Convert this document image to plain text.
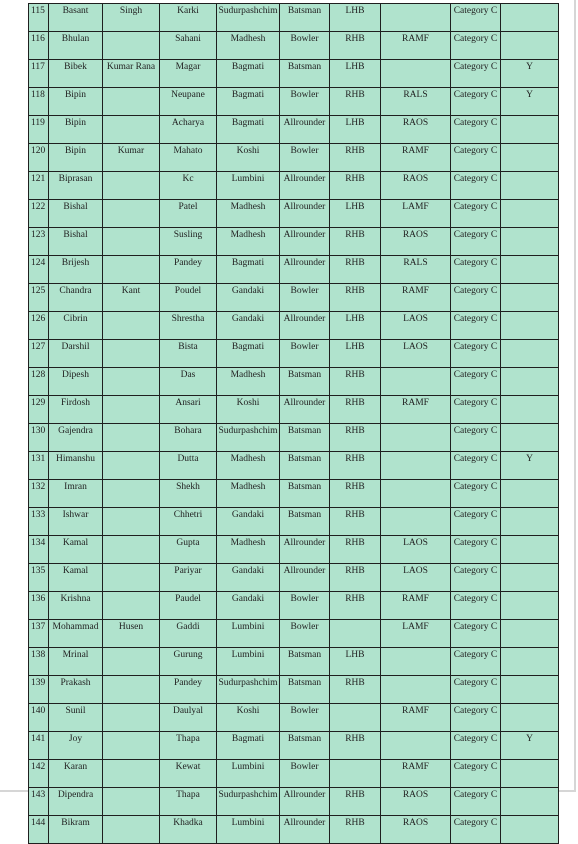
115	Basant	Singh	Karki	Sudurpashchim	Batsman	LHB		Category C	
116	Bhulan		Sahani	Madhesh	Bowler	RHB	RAMF	Category C	
117	Bibek	Kumar Rana	Magar	Bagmati	Batsman	LHB		Category C	Y
118	Bipin		Neupane	Bagmati	Bowler	RHB	RALS	Category C	Y
119	Bipin		Acharya	Bagmati	Allrounder	LHB	RAOS	Category C	
120	Bipin	Kumar	Mahato	Koshi	Bowler	RHB	RAMF	Category C	
121	Biprasan		Kc	Lumbini	Allrounder	RHB	RAOS	Category C	
122	Bishal		Patel	Madhesh	Allrounder	LHB	LAMF	Category C	
123	Bishal		Susling	Madhesh	Allrounder	RHB	RAOS	Category C	
124	Brijesh		Pandey	Bagmati	Allrounder	RHB	RALS	Category C	
125	Chandra	Kant	Poudel	Gandaki	Bowler	RHB	RAMF	Category C	
126	Cibrin		Shrestha	Gandaki	Allrounder	LHB	LAOS	Category C	
127	Darshil		Bista	Bagmati	Bowler	LHB	LAOS	Category C	
128	Dipesh		Das	Madhesh	Batsman	RHB		Category C	
129	Firdosh		Ansari	Koshi	Allrounder	RHB	RAMF	Category C	
130	Gajendra		Bohara	Sudurpashchim	Batsman	RHB		Category C	
131	Himanshu		Dutta	Madhesh	Batsman	RHB		Category C	Y
132	Imran		Shekh	Madhesh	Batsman	RHB		Category C	
133	Ishwar		Chhetri	Gandaki	Batsman	RHB		Category C	
134	Kamal		Gupta	Madhesh	Allrounder	RHB	LAOS	Category C	
135	Kamal		Pariyar	Gandaki	Allrounder	RHB	LAOS	Category C	
136	Krishna		Paudel	Gandaki	Bowler	RHB	RAMF	Category C	
137	Mohammad	Husen	Gaddi	Lumbini	Bowler		LAMF	Category C	
138	Mrinal		Gurung	Lumbini	Batsman	LHB		Category C	
139	Prakash		Pandey	Sudurpashchim	Batsman	RHB		Category C	
140	Sunil		Daulyal	Koshi	Bowler		RAMF	Category C	
141	Joy		Thapa	Bagmati	Batsman	RHB		Category C	Y
142	Karan		Kewat	Lumbini	Bowler		RAMF	Category C	
143	Dipendra		Thapa	Sudurpashchim	Allrounder	RHB	RAOS	Category C	
144	Bikram		Khadka	Lumbini	Allrounder	RHB	RAOS	Category C	
